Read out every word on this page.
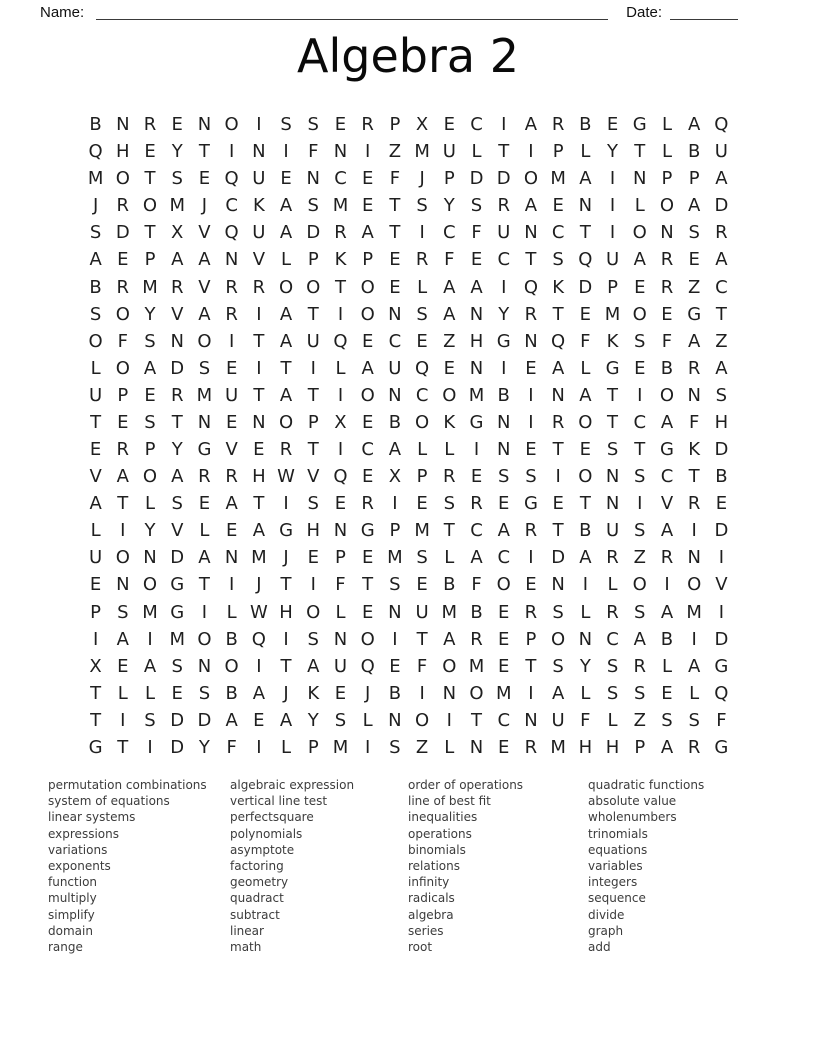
Name:	Date:
Algebra 2
B N R E N O I	S S E R P X E C	I	A R B E G L A Q
Q H E Y T	I N I	F N I	Z M U L T	I	P L Y T L B U
M O T S E Q U E N C E F	J	P D D O M A	I N P P A
J	R O M J	C K A S M E T S Y S R A E N I	L O A D
S D T X V Q U A D R A T	I	C F U N C T	I O N S R
A E P A A N V L P K P E R F E C T S Q U A R E A
B R M R V R R O O T O E L A A	I Q K D P E R Z C
S O Y V A R	I	A T	I O N S A N Y R T E M O E G T
O F S N O I	T A U Q E C E Z H G N Q F K S F A Z
L O A D S E	I	T	I	L A U Q E N I	E A L G E B R A
U P E R M U T A T	I O N C O M B	I N A T	I O N S
T E S T N E N O P X E B O K G N I	R O T C A F H
E R P Y G V E R T	I	C A L L	I N E T E S T G K D
V A O A R R H W V Q E X P R E S S	I O N S C T B
A T L S E A T	I	S E R	I	E S R E G E T N I	V R E
L	I	Y V L E A G H N G P M T C A R T B U S A	I D
U O N D A N M J	E P E M S L A C	I D A R Z R N I
E N O G T	I	J	T	I	F T S E B F O E N I	L O I O V
P S M G I	L W H O L E N U M B E R S L R S A M I
I	A	I M O B Q I	S N O I	T A R E P O N C A B	I D
X E A S N O I	T A U Q E F O M E T S Y S R L A G
T L L E S B A	J	K E	J	B	I N O M I	A L S S E L Q
T	I	S D D A E A Y S L N O I	T C N U F L Z S S F
G T	I D Y F	I	L P M I	S Z L N E R M H H P A R G
permutation combinations
system of equations
linear systems
expressions
variations
exponents
function
multiply
simplify
domain
range
algebraic expression
vertical line test
perfectsquare
polynomials
asymptote
factoring
geometry
quadract
subtract
linear
math
order of operations
line of best fit
inequalities
operations
binomials
relations
infinity
radicals
algebra
series
root
quadratic functions
absolute value
wholenumbers
trinomials
equations
variables
integers
sequence
divide
graph
add
